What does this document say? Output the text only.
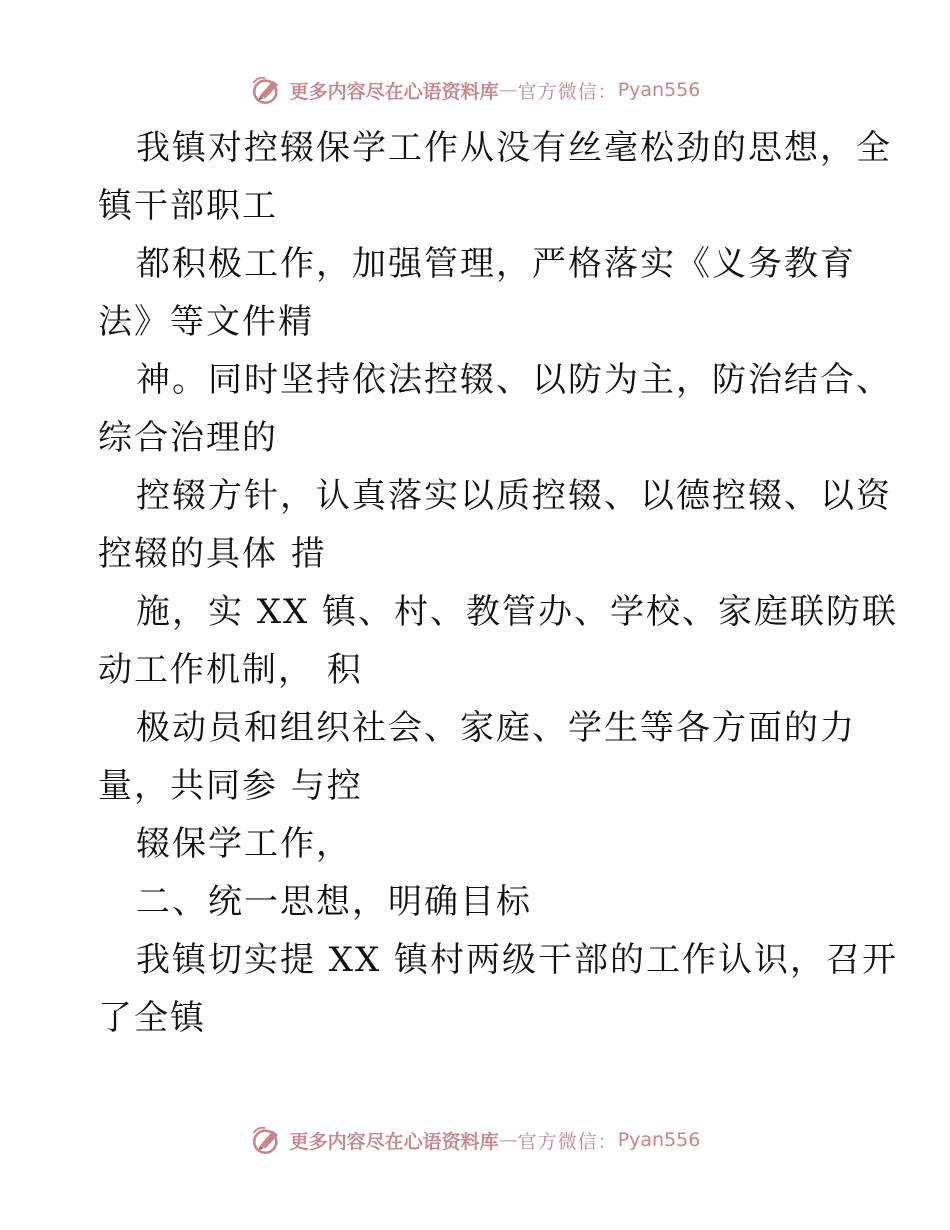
更多内容尽在心语资料库 — 官方微信： Pyan556
我镇对控辍保学工作从没有丝毫松劲的思想，全
镇干部职工
都积极工作，加强管理，严格落实《义务教育
法》等文件精
神。同时坚持依法控辍、以防为主，防治结合、
综合治理的
控辍方针，认真落实以质控辍、以德控辍、以资
控辍的具体 措
施，实 XX 镇、村、教管办、学校、家庭联防联
动工作机制， 积
极动员和组织社会、家庭、学生等各方面的力
量，共同参 与控
辍保学工作，
二、统一思想，明确目标
我镇切实提 XX 镇村两级干部的工作认识，召开
了全镇
更多内容尽在心语资料库 — 官方微信： Pyan556
